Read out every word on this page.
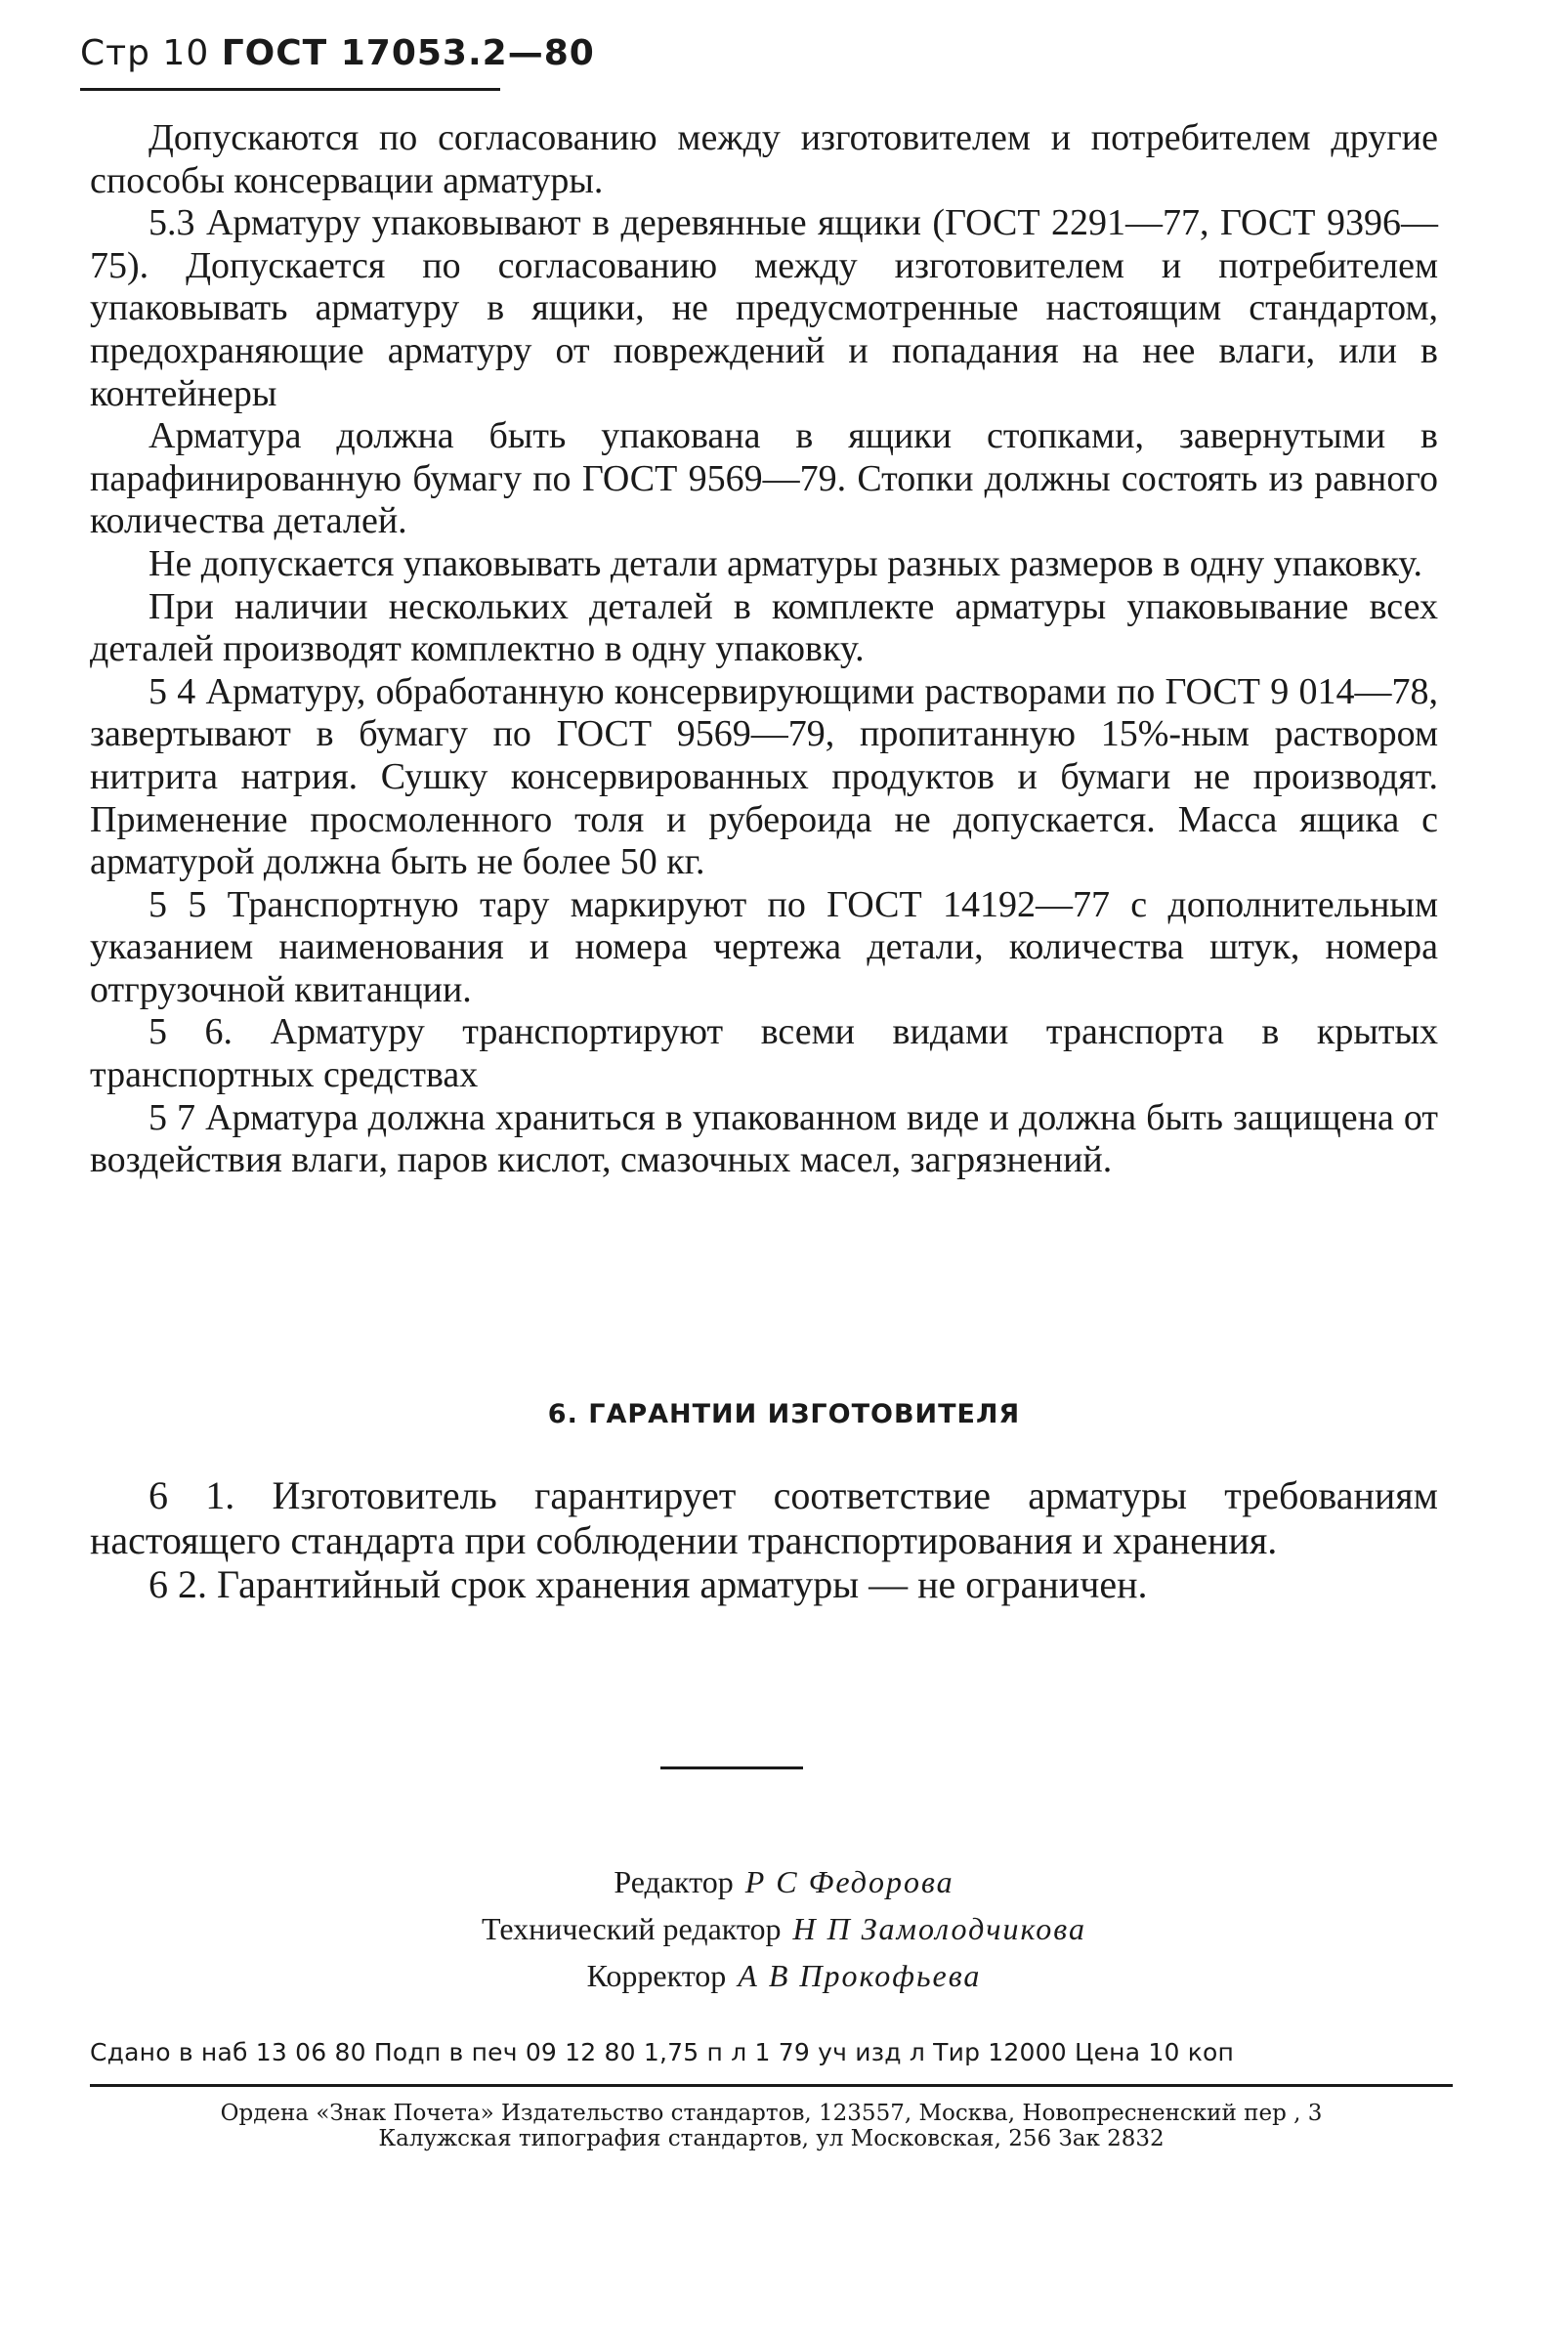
Стр 10 ГОСТ 17053.2—80

Допускаются по согласованию между изготовителем и потребителем другие способы консервации арматуры.

5.3 Арматуру упаковывают в деревянные ящики (ГОСТ 2291—77, ГОСТ 9396—75). Допускается по согласованию между изготовителем и потребителем упаковывать арматуру в ящики, не предусмотренные настоящим стандартом, предохраняющие арматуру от повреждений и попадания на нее влаги, или в контейнеры

Арматура должна быть упакована в ящики стопками, завернутыми в парафинированную бумагу по ГОСТ 9569—79. Стопки должны состоять из равного количества деталей.

Не допускается упаковывать детали арматуры разных размеров в одну упаковку.

При наличии нескольких деталей в комплекте арматуры упаковывание всех деталей производят комплектно в одну упаковку.

5 4 Арматуру, обработанную консервирующими растворами по ГОСТ 9 014—78, завертывают в бумагу по ГОСТ 9569—79, пропитанную 15%-ным раствором нитрита натрия. Сушку консервированных продуктов и бумаги не производят. Применение просмоленного толя и рубероида не допускается. Масса ящика с арматурой должна быть не более 50 кг.

5 5 Транспортную тару маркируют по ГОСТ 14192—77 с дополнительным указанием наименования и номера чертежа детали, количества штук, номера отгрузочной квитанции.

5 6. Арматуру транспортируют всеми видами транспорта в крытых транспортных средствах

5 7 Арматура должна храниться в упакованном виде и должна быть защищена от воздействия влаги, паров кислот, смазочных масел, загрязнений.

6. ГАРАНТИИ ИЗГОТОВИТЕЛЯ

6 1. Изготовитель гарантирует соответствие арматуры требованиям настоящего стандарта при соблюдении транспортирования и хранения.

6 2. Гарантийный срок хранения арматуры — не ограничен.

Редактор Р С Федорова
Технический редактор Н П Замолодчикова
Корректор А В Прокофьева
Сдано в наб 13 06 80 Подп в печ 09 12 80 1,75 п л 1 79 уч изд л Тир 12000 Цена 10 коп
Ордена «Знак Почета» Издательство стандартов, 123557, Москва, Новопресненский пер , 3
Калужская типография стандартов, ул Московская, 256 Зак 2832
